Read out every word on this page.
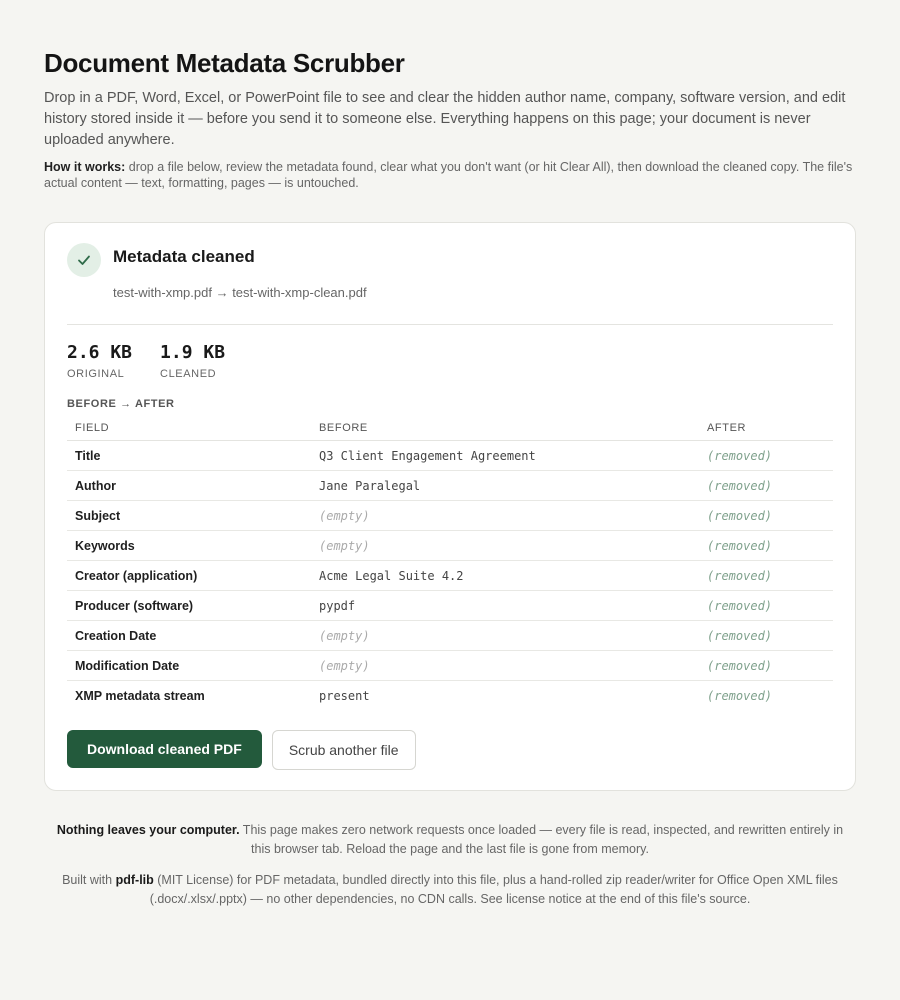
Document Metadata Scrubber

Drop in a PDF, Word, Excel, or PowerPoint file to see and clear the hidden author name, company, software version, and edit history stored inside it — before you send it to someone else. Everything happens on this page; your document is never uploaded anywhere.

How it works: drop a file below, review the metadata found, clear what you don't want (or hit Clear All), then download the cleaned copy. The file's actual content — text, formatting, pages — is untouched.

Metadata cleaned
test-with-xmp.pdf → test-with-xmp-clean.pdf
2.6 KB
ORIGINAL
1.9 KB
CLEANED
BEFORE → AFTER
FIELD	BEFORE	AFTER
Title	Q3 Client Engagement Agreement	(removed)
Author	Jane Paralegal	(removed)
Subject	(empty)	(removed)
Keywords	(empty)	(removed)
Creator (application)	Acme Legal Suite 4.2	(removed)
Producer (software)	pypdf	(removed)
Creation Date	(empty)	(removed)
Modification Date	(empty)	(removed)
XMP metadata stream	present	(removed)
Download cleaned PDF	Scrub another file

Nothing leaves your computer. This page makes zero network requests once loaded — every file is read, inspected, and rewritten entirely in this browser tab. Reload the page and the last file is gone from memory.

Built with pdf-lib (MIT License) for PDF metadata, bundled directly into this file, plus a hand-rolled zip reader/writer for Office Open XML files (.docx/.xlsx/.pptx) — no other dependencies, no CDN calls. See license notice at the end of this file's source.
